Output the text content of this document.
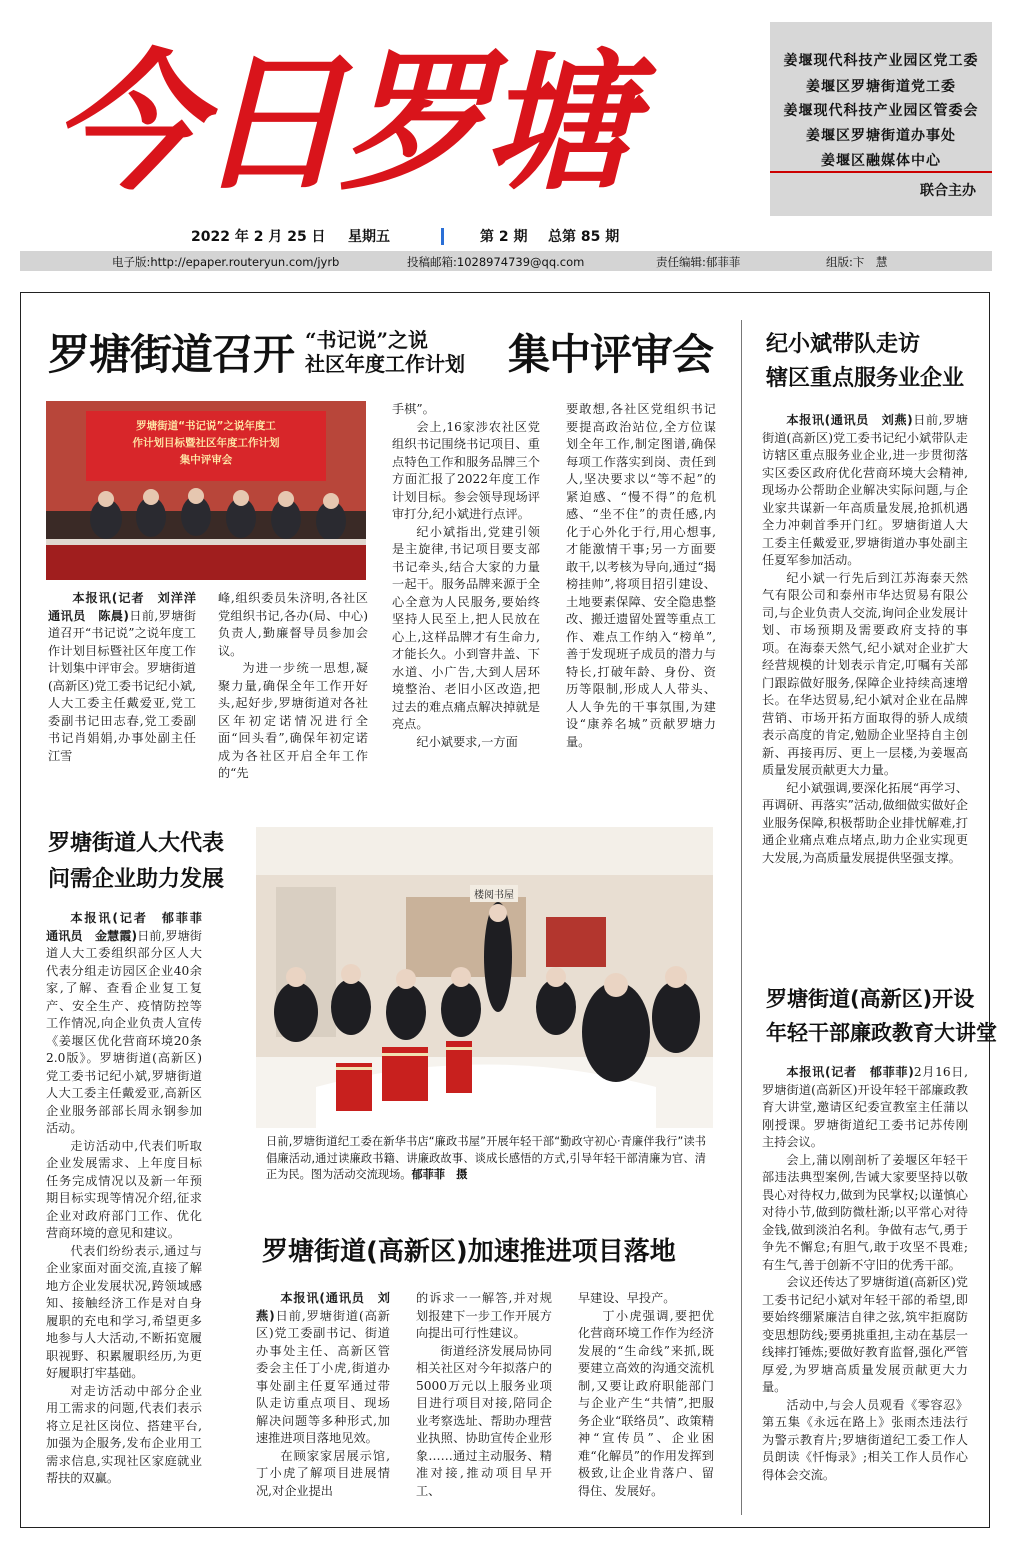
今日罗塘	姜堰现代科技产业园区党工委
姜堰区罗塘街道党工委
姜堰现代科技产业园区管委会
姜堰区罗塘街道办事处
姜堰区融媒体中心
联合主办
2022 年 2 月 25 日 星期五	第 2 期 总第 85 期
电子版:http://epaper.routeryun.com/jyrb	投稿邮箱:1028974739@qq.com	责任编辑:郁菲菲	组版:卞　慧
罗塘街道召开 “书记说”之说
社区年度工作计划 集中评审会
罗塘街道“书记说”之说年度工
作计划目标暨社区年度工作计划
集中评审会

本报讯(记者　刘洋洋　通讯员　陈晨)日前,罗塘街道召开“书记说”之说年度工作计划目标暨社区年度工作计划集中评审会。罗塘街道(高新区)党工委书记纪小斌,人大工委主任戴爱亚,党工委副书记田志春,党工委副书记肖娟娟,办事处副主任江雪

峰,组织委员朱济明,各社区党组织书记,各办(局、中心)负责人,勤廉督导员参加会议。

为进一步统一思想,凝聚力量,确保全年工作开好头,起好步,罗塘街道对各社区年初定诺情况进行全面“回头看”,确保年初定诺成为各社区开启全年工作的“先

手棋”。

会上,16家涉农社区党组织书记围绕书记项目、重点特色工作和服务品牌三个方面汇报了2022年度工作计划目标。参会领导现场评审打分,纪小斌进行点评。

纪小斌指出,党建引领是主旋律,书记项目要支部书记牵头,结合大家的力量一起干。服务品牌来源于全心全意为人民服务,要始终坚持人民至上,把人民放在心上,这样品牌才有生命力,才能长久。小到窨井盖、下水道、小广告,大到人居环境整治、老旧小区改造,把过去的难点痛点解决掉就是亮点。

纪小斌要求,一方面

要敢想,各社区党组织书记要提高政治站位,全方位谋划全年工作,制定图谱,确保每项工作落实到岗、责任到人,坚决要求以“等不起”的紧迫感、“慢不得”的危机感、“坐不住”的责任感,内化于心外化于行,用心想事,才能激情干事;另一方面要敢干,以考核为导向,通过“揭榜挂帅”,将项目招引建设、土地要素保障、安全隐患整改、搬迁遗留处置等重点工作、难点工作纳入“榜单”,善于发现班子成员的潜力与特长,打破年龄、身份、资历等限制,形成人人带头、人人争先的干事氛围,为建设“康养名城”贡献罗塘力量。

纪小斌带队走访
辖区重点服务业企业

本报讯(通讯员　刘燕)日前,罗塘街道(高新区)党工委书记纪小斌带队走访辖区重点服务业企业,进一步贯彻落实区委区政府优化营商环境大会精神,现场办公帮助企业解决实际问题,与企业家共谋新一年高质量发展,抢抓机遇全力冲刺首季开门红。罗塘街道人大工委主任戴爱亚,罗塘街道办事处副主任夏军参加活动。

纪小斌一行先后到江苏海泰天然气有限公司和泰州市华达贸易有限公司,与企业负责人交流,询问企业发展计划、市场预期及需要政府支持的事项。在海泰天然气,纪小斌对企业扩大经营规模的计划表示肯定,叮嘱有关部门跟踪做好服务,保障企业持续高速增长。在华达贸易,纪小斌对企业在品牌营销、市场开拓方面取得的骄人成绩表示高度的肯定,勉励企业坚持自主创新、再接再厉、更上一层楼,为姜堰高质量发展贡献更大力量。

纪小斌强调,要深化拓展“再学习、再调研、再落实”活动,做细做实做好企业服务保障,积极帮助企业排忧解难,打通企业痛点难点堵点,助力企业实现更大发展,为高质量发展提供坚强支撑。

罗塘街道人大代表
问需企业助力发展

本报讯(记者　郁菲菲　通讯员　金慧霞)日前,罗塘街道人大工委组织部分区人大代表分组走访园区企业40余家,了解、查看企业复工复产、安全生产、疫情防控等工作情况,向企业负责人宣传《姜堰区优化营商环境20条2.0版》。罗塘街道(高新区)党工委书记纪小斌,罗塘街道人大工委主任戴爱亚,高新区企业服务部部长周永钢参加活动。

走访活动中,代表们听取企业发展需求、上年度目标任务完成情况以及新一年预期目标实现等情况介绍,征求企业对政府部门工作、优化营商环境的意见和建议。

代表们纷纷表示,通过与企业家面对面交流,直接了解地方企业发展状况,跨领域感知、接触经济工作是对自身履职的充电和学习,希望更多地参与人大活动,不断拓宽履职视野、积累履职经历,为更好履职打牢基础。

对走访活动中部分企业用工需求的问题,代表们表示将立足社区岗位、搭建平台,加强为企服务,发布企业用工需求信息,实现社区家庭就业帮扶的双赢。

楼阅书屋
日前,罗塘街道纪工委在新华书店“廉政书屋”开展年轻干部“勤政守初心·青廉伴我行”读书倡廉活动,通过读廉政书籍、讲廉政故事、谈成长感悟的方式,引导年轻干部清廉为官、清正为民。图为活动交流现场。郁菲菲　摄
罗塘街道(高新区)加速推进项目落地

本报讯(通讯员　刘燕)日前,罗塘街道(高新区)党工委副书记、街道办事处主任、高新区管委会主任丁小虎,街道办事处副主任夏军通过带队走访重点项目、现场解决问题等多种形式,加速推进项目落地见效。

在顾家家居展示馆,丁小虎了解项目进展情况,对企业提出

的诉求一一解答,并对规划报建下一步工作开展方向提出可行性建议。

街道经济发展局协同相关社区对今年拟落户的5000万元以上服务业项目进行项目对接,陪同企业考察选址、帮助办理营业执照、协助宣传企业形象……通过主动服务、精准对接,推动项目早开工、

早建设、早投产。

丁小虎强调,要把优化营商环境工作作为经济发展的“生命线”来抓,既要建立高效的沟通交流机制,又要让政府职能部门与企业产生“共情”,把服务企业“联络员”、政策精神“宣传员”、企业困难“化解员”的作用发挥到极致,让企业肯落户、留得住、发展好。

罗塘街道(高新区)开设
年轻干部廉政教育大讲堂

本报讯(记者　郁菲菲)2月16日,罗塘街道(高新区)开设年轻干部廉政教育大讲堂,邀请区纪委宣教室主任蒲以刚授课。罗塘街道纪工委书记苏传刚主持会议。

会上,蒲以刚剖析了姜堰区年轻干部违法典型案例,告诫大家要坚持以敬畏心对待权力,做到为民掌权;以谨慎心对待小节,做到防微杜渐;以平常心对待金钱,做到淡泊名利。争做有志气,勇于争先不懈怠;有胆气,敢于攻坚不畏难;有生气,善于创新不守旧的优秀干部。

会议还传达了罗塘街道(高新区)党工委书记纪小斌对年轻干部的希望,即要始终绷紧廉洁自律之弦,筑牢拒腐防变思想防线;要勇挑重担,主动在基层一线摔打锤炼;要做好教育监督,强化严管厚爱,为罗塘高质量发展贡献更大力量。

活动中,与会人员观看《零容忍》第五集《永远在路上》张雨杰违法行为警示教育片;罗塘街道纪工委工作人员朗读《忏悔录》;相关工作人员作心得体会交流。
